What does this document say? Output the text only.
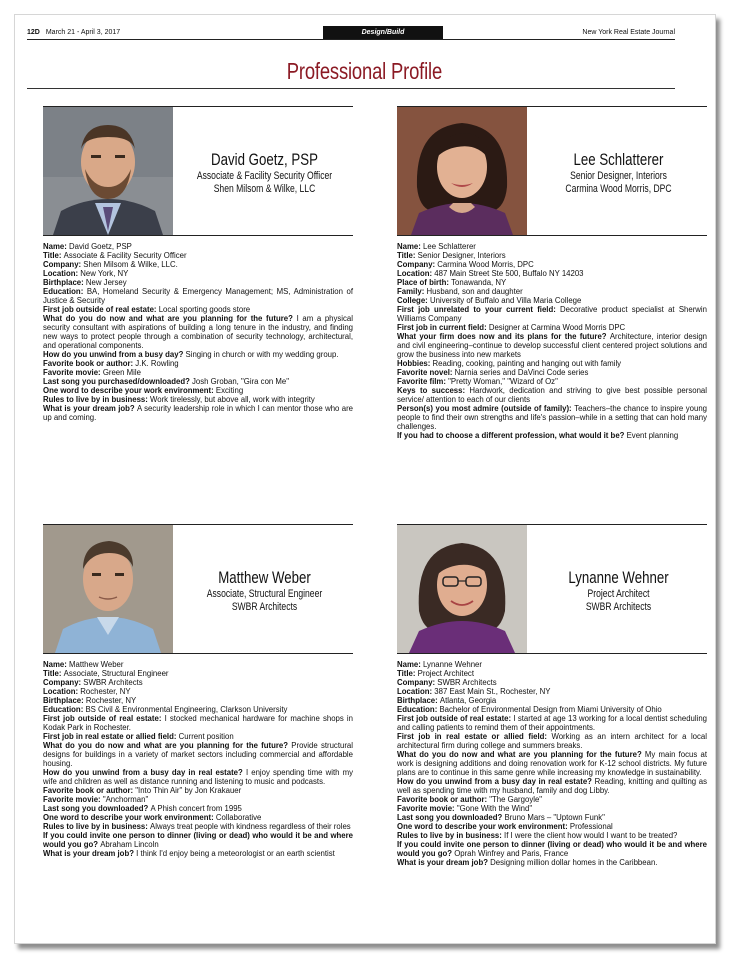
12D March 21 - April 3, 2017	Design/Build	New York Real Estate Journal
Professional Profile
David Goetz, PSP
Associate & Facility Security Officer
Shen Milsom & Wilke, LLC

Name: David Goetz, PSP

Title: Associate & Facility Security Officer

Company: Shen Milsom & Wilke, LLC.

Location: New York, NY

Birthplace: New Jersey

Education: BA, Homeland Security & Emergency Management; MS, Administration of Justice & Security

First job outside of real estate: Local sporting goods store

What do you do now and what are you planning for the future? I am a physical security consultant with aspirations of building a long tenure in the industry, and finding new ways to protect people through a combination of security technology, architectural, and operational components.

How do you unwind from a busy day? Singing in church or with my wedding group.

Favorite book or author: J.K. Rowling

Favorite movie: Green Mile

Last song you purchased/downloaded? Josh Groban, "Gira con Me"

One word to describe your work environment: Exciting

Rules to live by in business: Work tirelessly, but above all, work with integrity

What is your dream job? A security leadership role in which I can mentor those who are up and coming.

Lee Schlatterer
Senior Designer, Interiors
Carmina Wood Morris, DPC

Name: Lee Schlatterer

Title: Senior Designer, Interiors

Company: Carmina Wood Morris, DPC

Location: 487 Main Street Ste 500, Buffalo NY 14203

Place of birth: Tonawanda, NY

Family: Husband, son and daughter

College: University of Buffalo and Villa Maria College

First job unrelated to your current field: Decorative product specialist at Sherwin Williams Company

First job in current field: Designer at Carmina Wood Morris DPC

What your firm does now and its plans for the future? Architecture, interior design and civil engineering–continue to develop successful client centered project solutions and grow the business into new markets

Hobbies: Reading, cooking, painting and hanging out with family

Favorite novel: Narnia series and DaVinci Code series

Favorite film: "Pretty Woman," "Wizard of Oz"

Keys to success: Hardwork, dedication and striving to give best possible personal service/ attention to each of our clients

Person(s) you most admire (outside of family): Teachers–the chance to inspire young people to find their own strengths and life's passion–while in a setting that can hold many challenges.

If you had to choose a different profession, what would it be? Event planning

Matthew Weber
Associate, Structural Engineer
SWBR Architects

Name: Matthew Weber

Title: Associate, Structural Engineer

Company: SWBR Architects

Location: Rochester, NY

Birthplace: Rochester, NY

Education: BS Civil & Environmental Engineering, Clarkson University

First job outside of real estate: I stocked mechanical hardware for machine shops in Kodak Park in Rochester.

First job in real estate or allied field: Current position

What do you do now and what are you planning for the future? Provide structural designs for buildings in a variety of market sectors including commercial and affordable housing.

How do you unwind from a busy day in real estate? I enjoy spending time with my wife and children as well as distance running and listening to music and podcasts.

Favorite book or author: "Into Thin Air" by Jon Krakauer

Favorite movie: "Anchorman"

Last song you downloaded? A Phish concert from 1995

One word to describe your work environment: Collaborative

Rules to live by in business: Always treat people with kindness regardless of their roles

If you could invite one person to dinner (living or dead) who would it be and where would you go? Abraham Lincoln

What is your dream job? I think I'd enjoy being a meteorologist or an earth scientist

Lynanne Wehner
Project Architect
SWBR Architects

Name: Lynanne Wehner

Title: Project Architect

Company: SWBR Architects

Location: 387 East Main St., Rochester, NY

Birthplace: Atlanta, Georgia

Education: Bachelor of Environmental Design from Miami University of Ohio

First job outside of real estate: I started at age 13 working for a local dentist scheduling and calling patients to remind them of their appointments.

First job in real estate or allied field: Working as an intern architect for a local architectural firm during college and summers breaks.

What do you do now and what are you planning for the future? My main focus at work is designing additions and doing renovation work for K-12 school districts. My future plans are to continue in this same genre while increasing my knowledge in sustainability.

How do you unwind from a busy day in real estate? Reading, knitting and quilting as well as spending time with my husband, family and dog Libby.

Favorite book or author: "The Gargoyle"

Favorite movie: "Gone With the Wind"

Last song you downloaded? Bruno Mars – "Uptown Funk"

One word to describe your work environment: Professional

Rules to live by in business: If I were the client how would I want to be treated?

If you could invite one person to dinner (living or dead) who would it be and where would you go? Oprah Winfrey and Paris, France

What is your dream job? Designing million dollar homes in the Caribbean.
